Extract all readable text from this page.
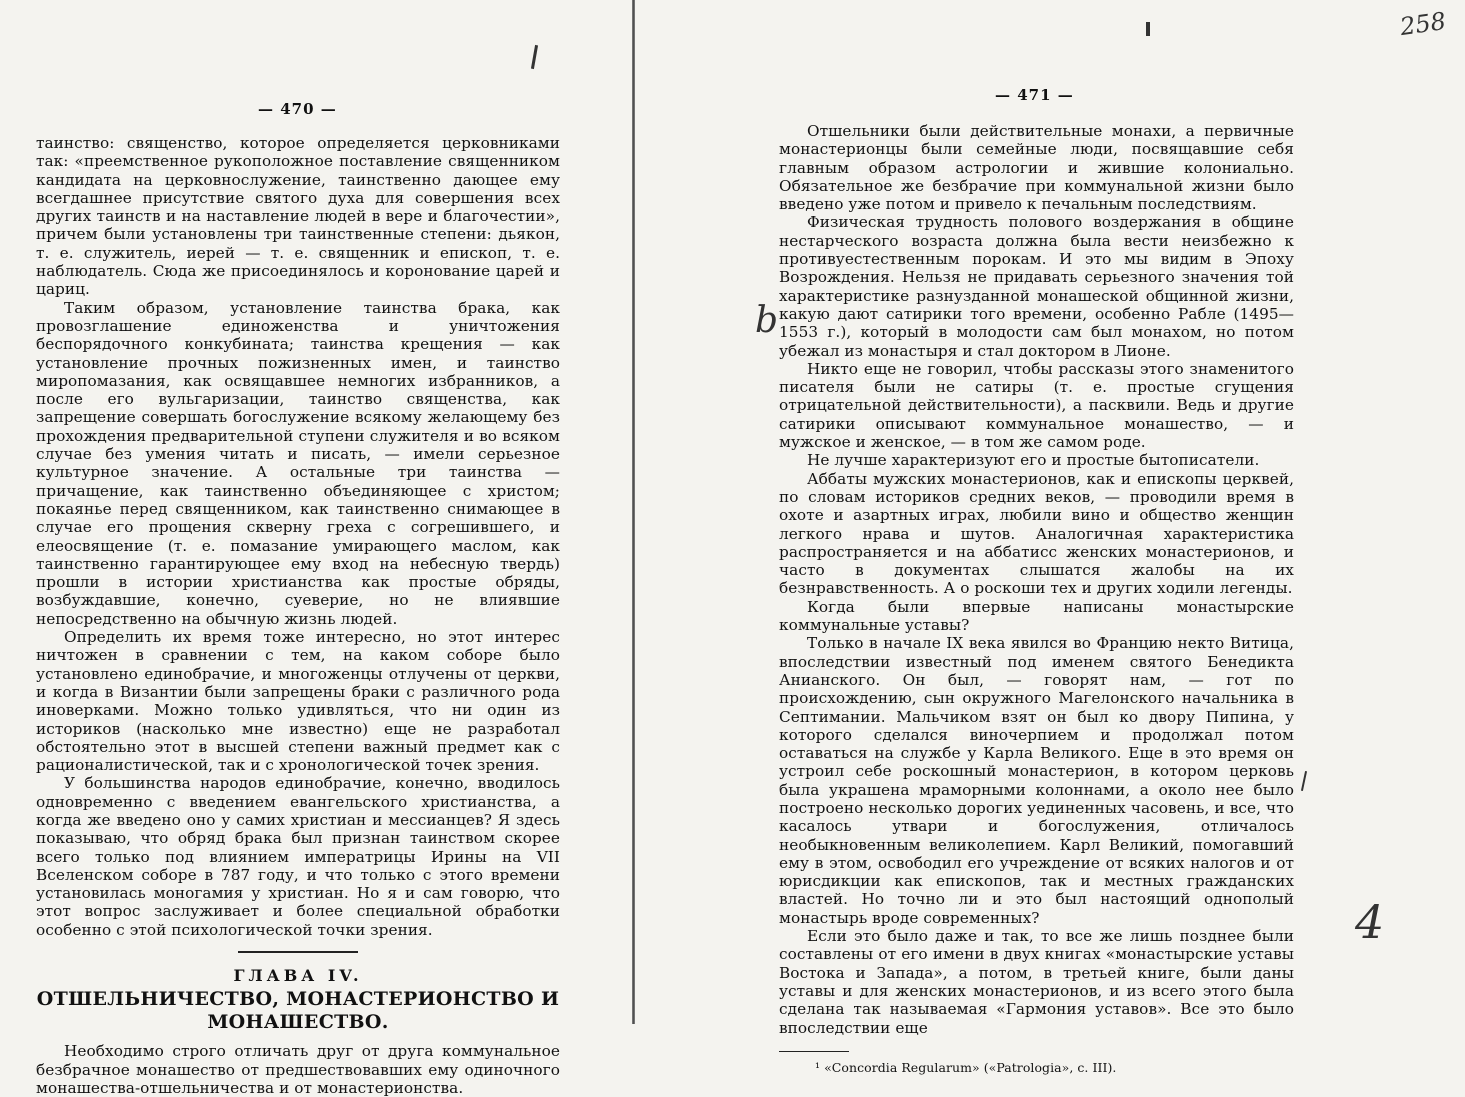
— 470 —

таинство: священство, которое определяется церковниками так: «преемственное рукоположное поставление священником кандидата на церковнослужение, таинственно дающее ему всегдашнее присутствие святого духа для совершения всех других таинств и на наставление людей в вере и благочестии», причем были установлены три таинственные степени: дьякон, т. е. служитель, иерей — т. е. священник и епископ, т. е. наблюдатель. Сюда же присоединялось и коронование царей и цариц.

Таким образом, установление таинства брака, как провозглашение единоженства и уничтожения беспорядочного конкубината; таинства крещения — как установление прочных пожизненных имен, и таинство миропомазания, как освящавшее немногих избранников, а после его вульгаризации, таинство священства, как запрещение совершать богослужение всякому желающему без прохождения предварительной ступени служителя и во всяком случае без умения читать и писать, — имели серьезное культурное значение. А остальные три таинства — причащение, как таинственно объединяющее с христом; покаянье перед священником, как таинственно снимающее в случае его прощения скверну греха с согрешившего, и елеосвящение (т. е. помазание умирающего маслом, как таинственно гарантирующее ему вход на небесную твердь) прошли в истории христианства как простые обряды, возбуждавшие, конечно, суеверие, но не влиявшие непосредственно на обычную жизнь людей.

Определить их время тоже интересно, но этот интерес ничтожен в сравнении с тем, на каком соборе было установлено единобрачие, и многоженцы отлучены от церкви, и когда в Византии были запрещены браки с различного рода иноверками. Можно только удивляться, что ни один из историков (насколько мне известно) еще не разработал обстоятельно этот в высшей степени важный предмет как с рационалистической, так и с хронологической точек зрения.

У большинства народов единобрачие, конечно, вводилось одновременно с введением евангельского христианства, а когда же введено оно у самих христиан и мессианцев? Я здесь показываю, что обряд брака был признан таинством скорее всего только под влиянием императрицы Ирины на VII Вселенском соборе в 787 году, и что только с этого времени установилась моногамия у христиан. Но я и сам говорю, что этот вопрос заслуживает и более специальной обработки особенно с этой психологической точки зрения.

ГЛАВА IV.
ОТШЕЛЬНИЧЕСТВО, МОНАСТЕРИОНСТВО И МОНАШЕСТВО.

Необходимо строго отличать друг от друга коммунальное безбрачное монашество от предшествовавших ему одиночного монашества-отшельничества и от монастерионства.

— 471 —

Отшельники были действительные монахи, а первичные монастерионцы были семейные люди, посвящавшие себя главным образом астрологии и жившие колониально. Обязательное же безбрачие при коммунальной жизни было введено уже потом и привело к печальным последствиям.

Физическая трудность полового воздержания в общине нестарческого возраста должна была вести неизбежно к противуестественным порокам. И это мы видим в Эпоху Возрождения. Нельзя не придавать серьезного значения той характеристике разнузданной монашеской общинной жизни, какую дают сатирики того времени, особенно Рабле (1495—1553 г.), который в молодости сам был монахом, но потом убежал из монастыря и стал доктором в Лионе.

Никто еще не говорил, чтобы рассказы этого знаменитого писателя были не сатиры (т. е. простые сгущения отрицательной действительности), а пасквили. Ведь и другие сатирики описывают коммунальное монашество, — и мужское и женское, — в том же самом роде.

Не лучше характеризуют его и простые бытописатели.

Аббаты мужских монастерионов, как и епископы церквей, по словам историков средних веков, — проводили время в охоте и азартных играх, любили вино и общество женщин легкого нрава и шутов. Аналогичная характеристика распространяется и на аббатисс женских монастерионов, и часто в документах слышатся жалобы на их безнравственность. А о роскоши тех и других ходили легенды.

Когда были впервые написаны монастырские коммунальные уставы?

Только в начале IX века явился во Францию некто Витица, впоследствии известный под именем святого Бенедикта Анианского. Он был, — говорят нам, — гот по происхождению, сын окружного Магелонского начальника в Септимании. Мальчиком взят он был ко двору Пипина, у которого сделался виночерпием и продолжал потом оставаться на службе у Карла Великого. Еще в это время он устроил себе роскошный монастерион, в котором церковь была украшена мраморными колоннами, а около нее было построено несколько дорогих уединенных часовень, и все, что касалось утвари и богослужения, отличалось необыкновенным великолепием. Карл Великий, помогавший ему в этом, освободил его учреждение от всяких налогов и от юрисдикции как епископов, так и местных гражданских властей. Но точно ли и это был настоящий однополый монастырь вроде современных?

Если это было даже и так, то все же лишь позднее были составлены от его имени в двух книгах «монастырские уставы Востока и Запада», а потом, в третьей книге, были даны уставы и для женских монастерионов, и из всего этого была сделана так называемая «Гармония уставов». Все это было впоследствии еще

¹ «Concordia Regularum» («Patrologia», c. III).
258
b
4
